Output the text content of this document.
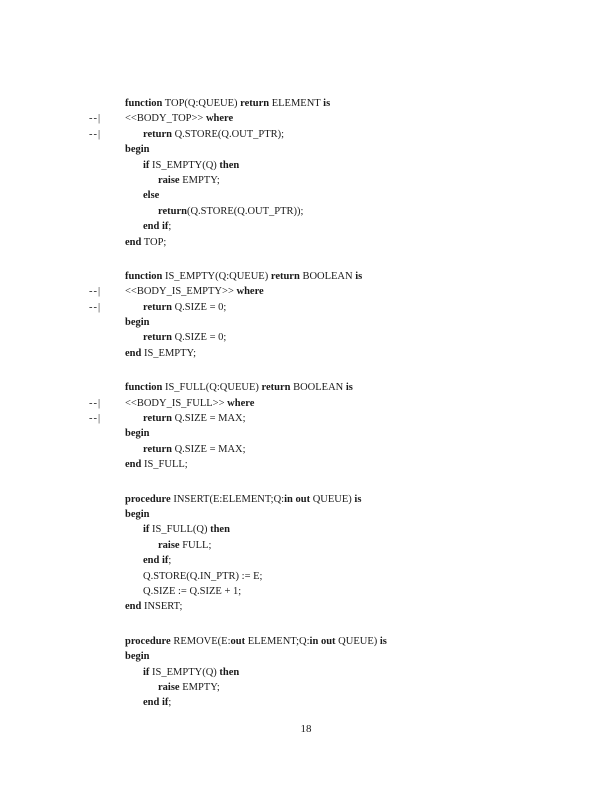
function TOP(Q:QUEUE) return ELEMENT is
--| <<BODY_TOP>> where
--|	return Q.STORE(Q.OUT_PTR);
begin
if IS_EMPTY(Q) then
raise EMPTY;
else
return(Q.STORE(Q.OUT_PTR));
end if;
end TOP;
function IS_EMPTY(Q:QUEUE) return BOOLEAN is
--| <<BODY_IS_EMPTY>> where
--|	return Q.SIZE = 0;
begin
return Q.SIZE = 0;
end IS_EMPTY;
function IS_FULL(Q:QUEUE) return BOOLEAN is
--| <<BODY_IS_FULL>> where
--|	return Q.SIZE = MAX;
begin
return Q.SIZE = MAX;
end IS_FULL;
procedure INSERT(E:ELEMENT;Q:in out QUEUE) is
begin
if IS_FULL(Q) then
raise FULL;
end if;
Q.STORE(Q.IN_PTR) := E;
Q.SIZE := Q.SIZE + 1;
end INSERT;
procedure REMOVE(E:out ELEMENT;Q:in out QUEUE) is
begin
if IS_EMPTY(Q) then
raise EMPTY;
end if;
18
